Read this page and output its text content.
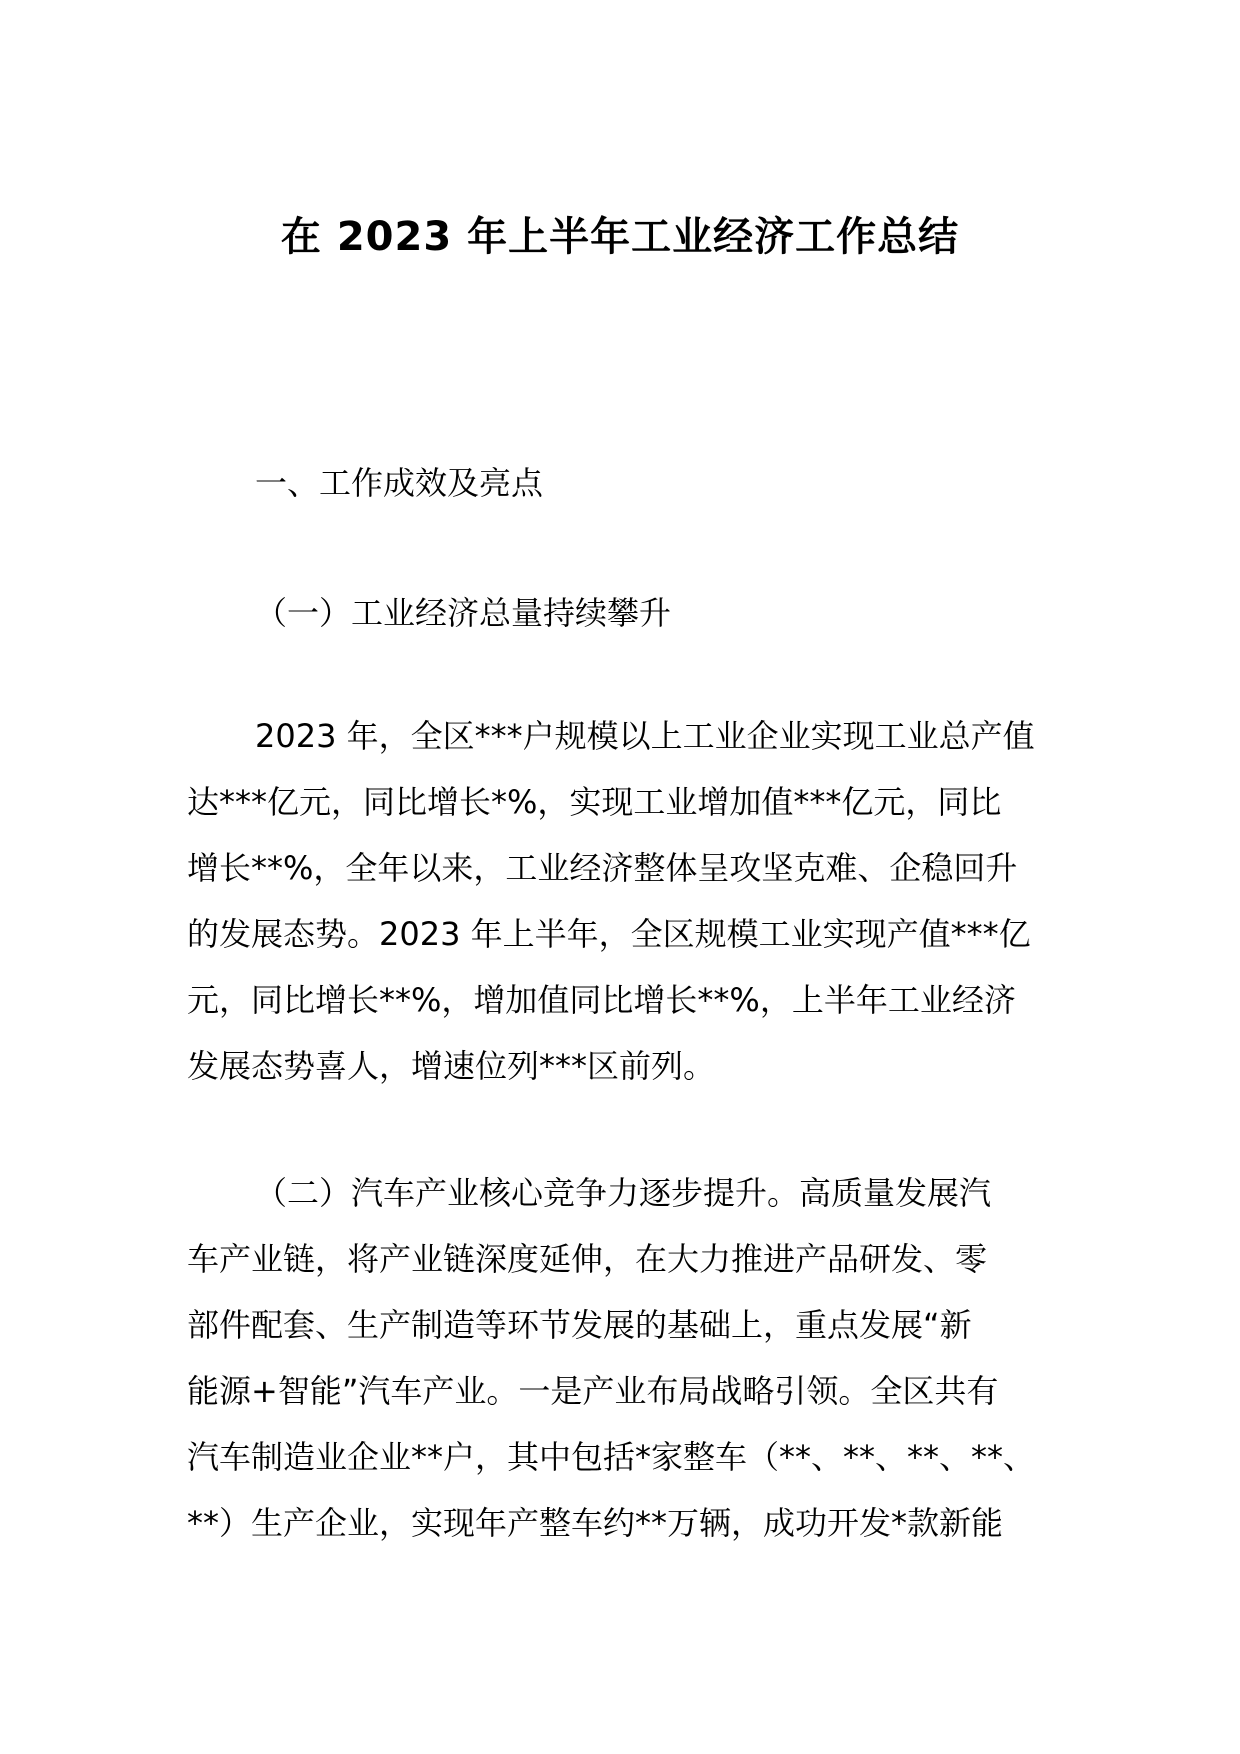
在 2023 年上半年工业经济工作总结
一、工作成效及亮点
（一）工业经济总量持续攀升
2023 年，全区***户规模以上工业企业实现工业总产值
达***亿元，同比增长*%，实现工业增加值***亿元，同比
增长**%，全年以来，工业经济整体呈攻坚克难、企稳回升
的发展态势。2023 年上半年，全区规模工业实现产值***亿
元，同比增长**%，增加值同比增长**%，上半年工业经济
发展态势喜人，增速位列***区前列。
（二）汽车产业核心竞争力逐步提升。高质量发展汽
车产业链，将产业链深度延伸，在大力推进产品研发、零
部件配套、生产制造等环节发展的基础上，重点发展“新
能源+智能”汽车产业。一是产业布局战略引领。全区共有
汽车制造业企业**户，其中包括*家整车（**、**、**、**、
**）生产企业，实现年产整车约**万辆，成功开发*款新能
